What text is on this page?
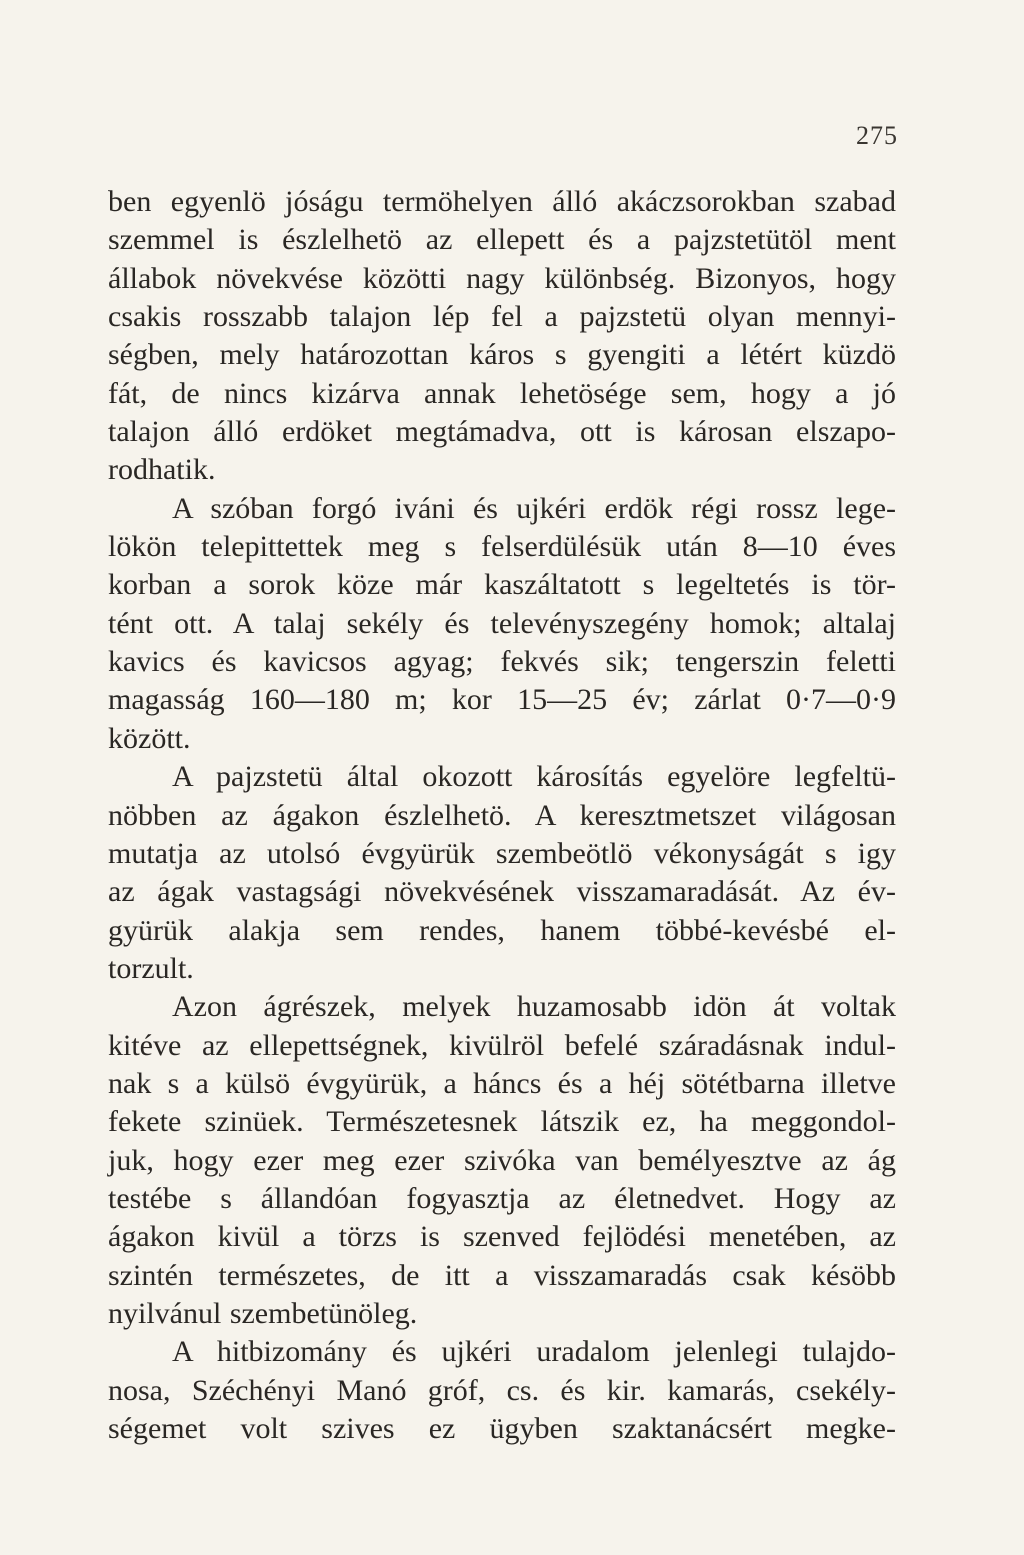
275
ben egyenlö jóságu termöhelyen álló akáczsorokban szabad
szemmel is észlelhetö az ellepett és a pajzstetütöl ment
állabok növekvése közötti nagy különbség. Bizonyos, hogy
csakis rosszabb talajon lép fel a pajzstetü olyan mennyi-
ségben, mely határozottan káros s gyengiti a létért küzdö
fát, de nincs kizárva annak lehetösége sem, hogy a jó
talajon álló erdöket megtámadva, ott is károsan elszapo-
rodhatik.
A szóban forgó iváni és ujkéri erdök régi rossz lege-
lökön telepittettek meg s felserdülésük után 8—10 éves
korban a sorok köze már kaszáltatott s legeltetés is tör-
tént ott. A talaj sekély és televényszegény homok; altalaj
kavics és kavicsos agyag; fekvés sik; tengerszin feletti
magasság 160—180 m; kor 15—25 év; zárlat 0·7—0·9
között.
A pajzstetü által okozott károsítás egyelöre legfeltü-
nöbben az ágakon észlelhetö. A keresztmetszet világosan
mutatja az utolsó évgyürük szembeötlö vékonyságát s igy
az ágak vastagsági növekvésének visszamaradását. Az év-
gyürük alakja sem rendes, hanem többé-kevésbé el-
torzult.
Azon ágrészek, melyek huzamosabb idön át voltak
kitéve az ellepettségnek, kivülröl befelé száradásnak indul-
nak s a külsö évgyürük, a háncs és a héj sötétbarna illetve
fekete szinüek. Természetesnek látszik ez, ha meggondol-
juk, hogy ezer meg ezer szivóka van bemélyesztve az ág
testébe s állandóan fogyasztja az életnedvet. Hogy az
ágakon kivül a törzs is szenved fejlödési menetében, az
szintén természetes, de itt a visszamaradás csak késöbb
nyilvánul szembetünöleg.
A hitbizomány és ujkéri uradalom jelenlegi tulajdo-
nosa, Széchényi Manó gróf, cs. és kir. kamarás, csekély-
ségemet volt szives ez ügyben szaktanácsért megke-
